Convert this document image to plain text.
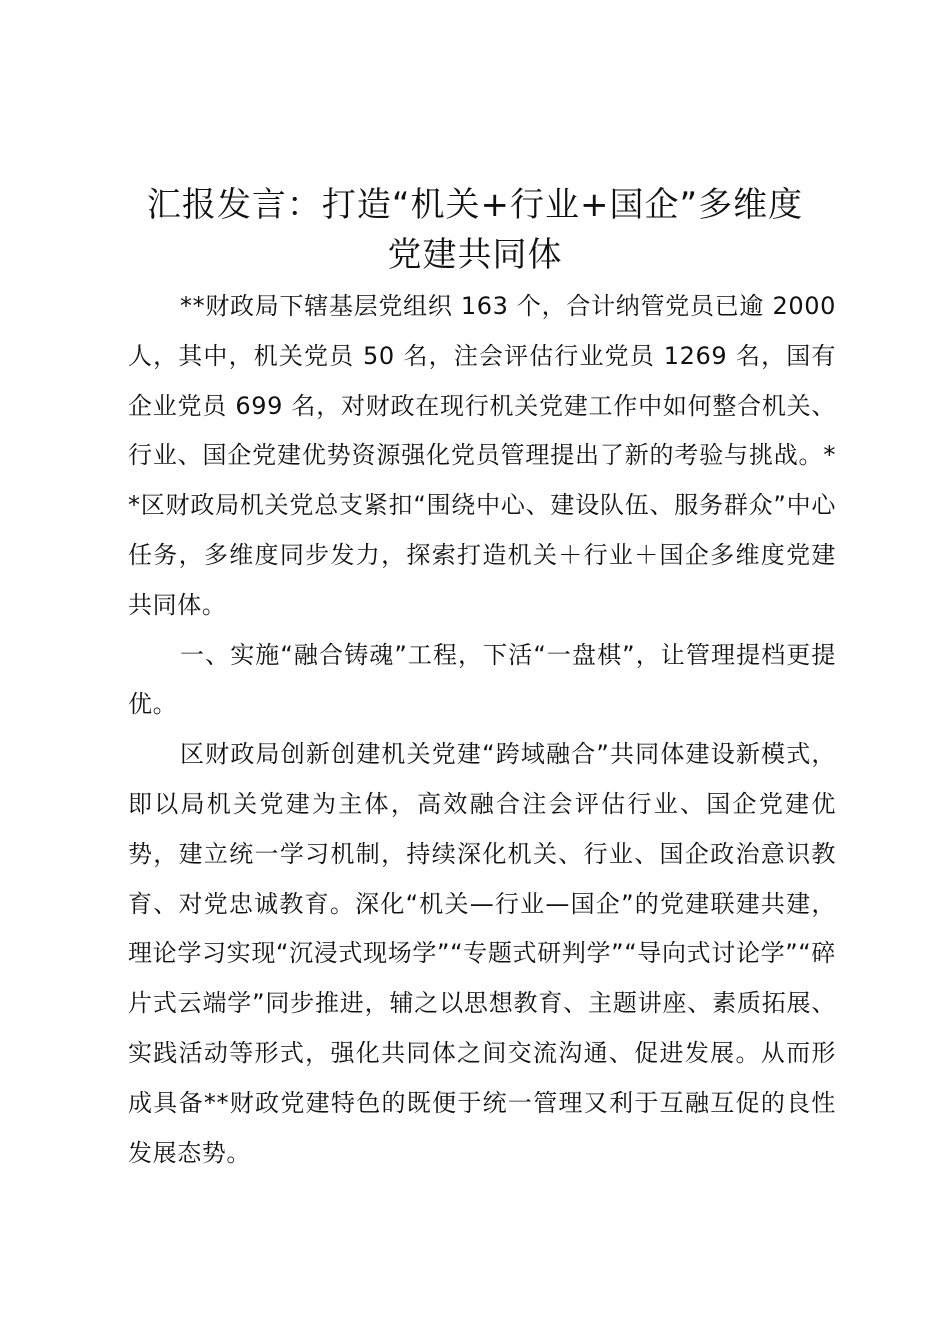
汇报发言：打造“机关+行业+国企”多维度
党建共同体

**财政局下辖基层党组织 163 个，合计纳管党员已逾 2000 人，其中，机关党员 50 名，注会评估行业党员 1269 名，国有企业党员 699 名，对财政在现行机关党建工作中如何整合机关、行业、国企党建优势资源强化党员管理提出了新的考验与挑战。**区财政局机关党总支紧扣“围绕中心、建设队伍、服务群众”中心任务，多维度同步发力，探索打造机关＋行业＋国企多维度党建共同体。

一、实施“融合铸魂”工程，下活“一盘棋”，让管理提档更提优。

区财政局创新创建机关党建“跨域融合”共同体建设新模式，即以局机关党建为主体，高效融合注会评估行业、国企党建优势，建立统一学习机制，持续深化机关、行业、国企政治意识教育、对党忠诚教育。深化“机关—行业—国企”的党建联建共建，理论学习实现“沉浸式现场学”“专题式研判学”“导向式讨论学”“碎片式云端学”同步推进，辅之以思想教育、主题讲座、素质拓展、实践活动等形式，强化共同体之间交流沟通、促进发展。从而形成具备**财政党建特色的既便于统一管理又利于互融互促的良性发展态势。
